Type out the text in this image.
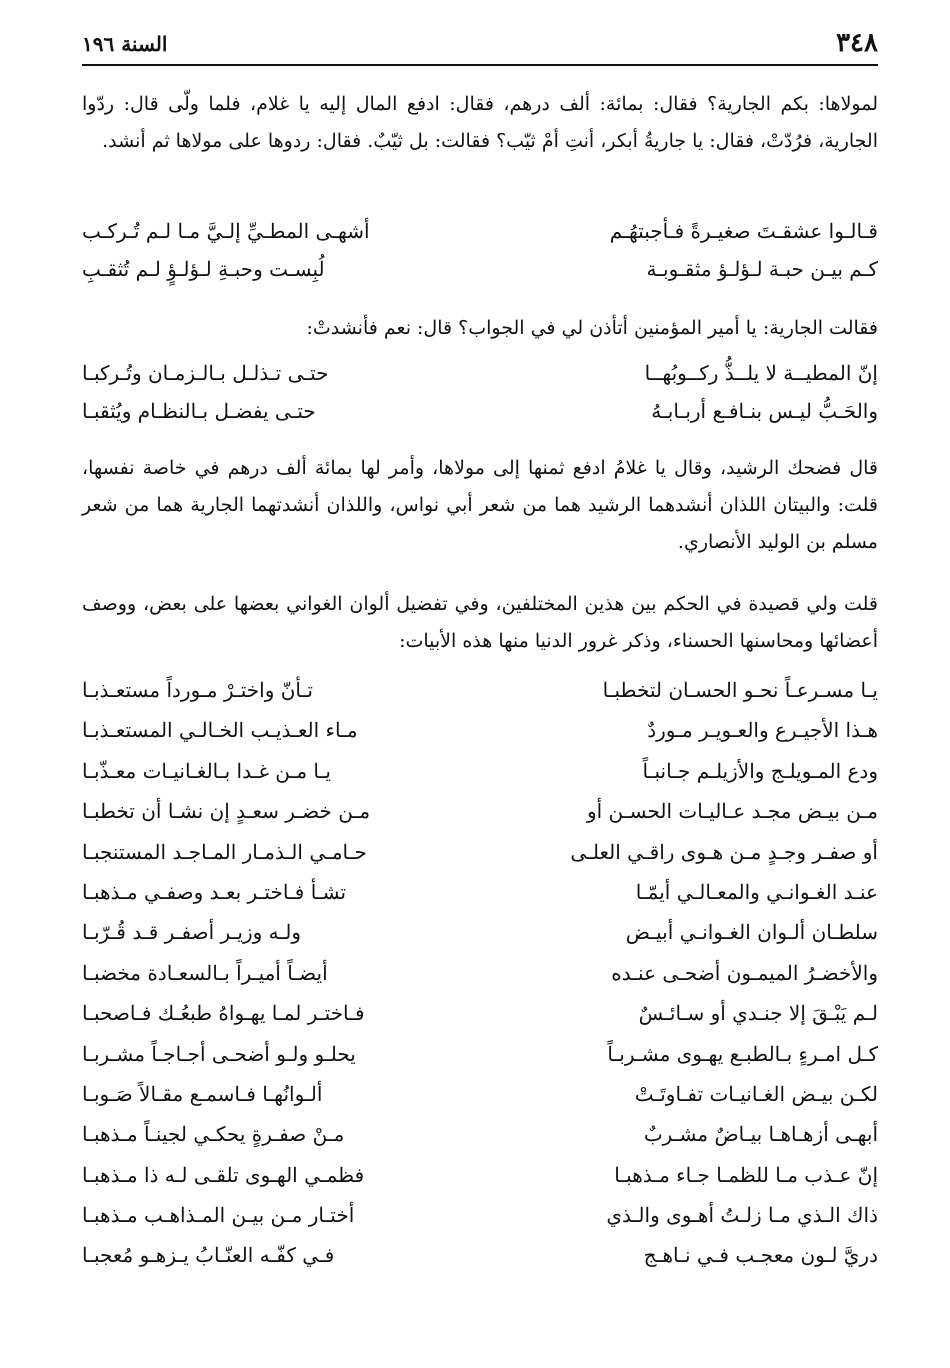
٣٤٨
السنة ١٩٦

لمولاها: بكم الجارية؟ فقال: بمائة: ألف درهم، فقال: ادفع المال إليه يا غلام، فلما ولّى قال: ردّوا الجارية، فرُدّتْ، فقال: يا جاريةُ أبكر، أنتِ أمْ ثيّب؟ فقالت: بل ثيّبٌ. فقال: ردوها على مولاها ثم أنشد.

قـالـوا عشقـتَ صغيـرةً فـأجبتهُـم
أشهـى المطـيِّ إلـيَّ مـا لـم تُـركـب
كـم بيـن حبـة لـؤلـؤ مثقـوبـة
لُبِسـت وحبـةِ لـؤلـؤٍ لـم تُثقـبِ

فقالت الجارية: يا أمير المؤمنين أتأذن لي في الجواب؟ قال: نعم فأنشدتْ:

إنّ المطيــة لا يلــذُّ ركــوبُهــا
حتـى تـذلـل بـالـزمـان وتُـركبـا
والحَـبُّ ليـس بنـافـع أربـابـهُ
حتـى يفضـل بـالنظـام ويُثقبـا

قال فضحك الرشيد، وقال يا غلامُ ادفع ثمنها إلى مولاها، وأمر لها بمائة ألف درهم في خاصة نفسها، قلت: والبيتان اللذان أنشدهما الرشيد هما من شعر أبي نواس، واللذان أنشدتهما الجارية هما من شعر مسلم بن الوليد الأنصاري.

قلت ولي قصيدة في الحكم بين هذين المختلفين، وفي تفضيل ألوان الغواني بعضها على بعض، ووصف أعضائها ومحاسنها الحسناء، وذكر غرور الدنيا منها هذه الأبيات:

يـا مسـرعـاً نحـو الحسـان لتخطبـا
تـأنّ واختـرْ مـورداً مستعـذبـا
هـذا الأجيـرع والعـويـر مـوردٌ
مـاء العـذيـب الخـالـي المستعـذبـا
ودع المـويلـج والأزيلـم جـانبـاً
يـا مـن غـدا بـالغـانيـات معـذّبـا
مـن بيـض مجـد عـاليـات الحسـن أو
مـن خضـر سعـدٍ إن نشـا أن تخطبـا
أو صفـر وجـدٍ مـن هـوى راقـي العلـى
حـامـي الـذمـار المـاجـد المستنجبـا
عنـد الغـوانـي والمعـالـي أيمّـا
تشـأ فـاختـر بعـد وصفـي مـذهبـا
سلطـان ألـوان الغـوانـي أبيـض
ولـه وزيـر أصفـر قـد قُـرّبـا
والأخضـرُ الميمـون أضحـى عنـده
أيضـاً أميـراً بـالسعـادة مخضبـا
لـم يَبْـقَ إلا جنـدي أو سـائـسٌ
فـاختـر لمـا يهـواهُ طبعُـك فـاصحبـا
كـل امـرءٍ بـالطبـع يهـوى مشـربـاً
يحلـو ولـو أضحـى أجـاجـاً مشـربـا
لكـن بيـض الغـانيـات تفـاوتَـتْ
ألـوانُهـا فـاسمـع مقـالاً صَـوبـا
أبهـى أزهـاهـا بيـاضٌ مشـربٌ
مـنْ صفـرةٍ يحكـي لجينـاً مـذهبـا
إنّ عـذب مـا للظمـا جـاء مـذهبـا
فظمـي الهـوى تلقـى لـه ذا مـذهبـا
ذاك الـذي مـا زلـتُ أهـوى والـذي
أختـار مـن بيـن المـذاهـب مـذهبـا
دريَّ لـون معجـب فـي نـاهـج
فـي كفّـه العنّـابُ يـزهـو مُعجبـا
